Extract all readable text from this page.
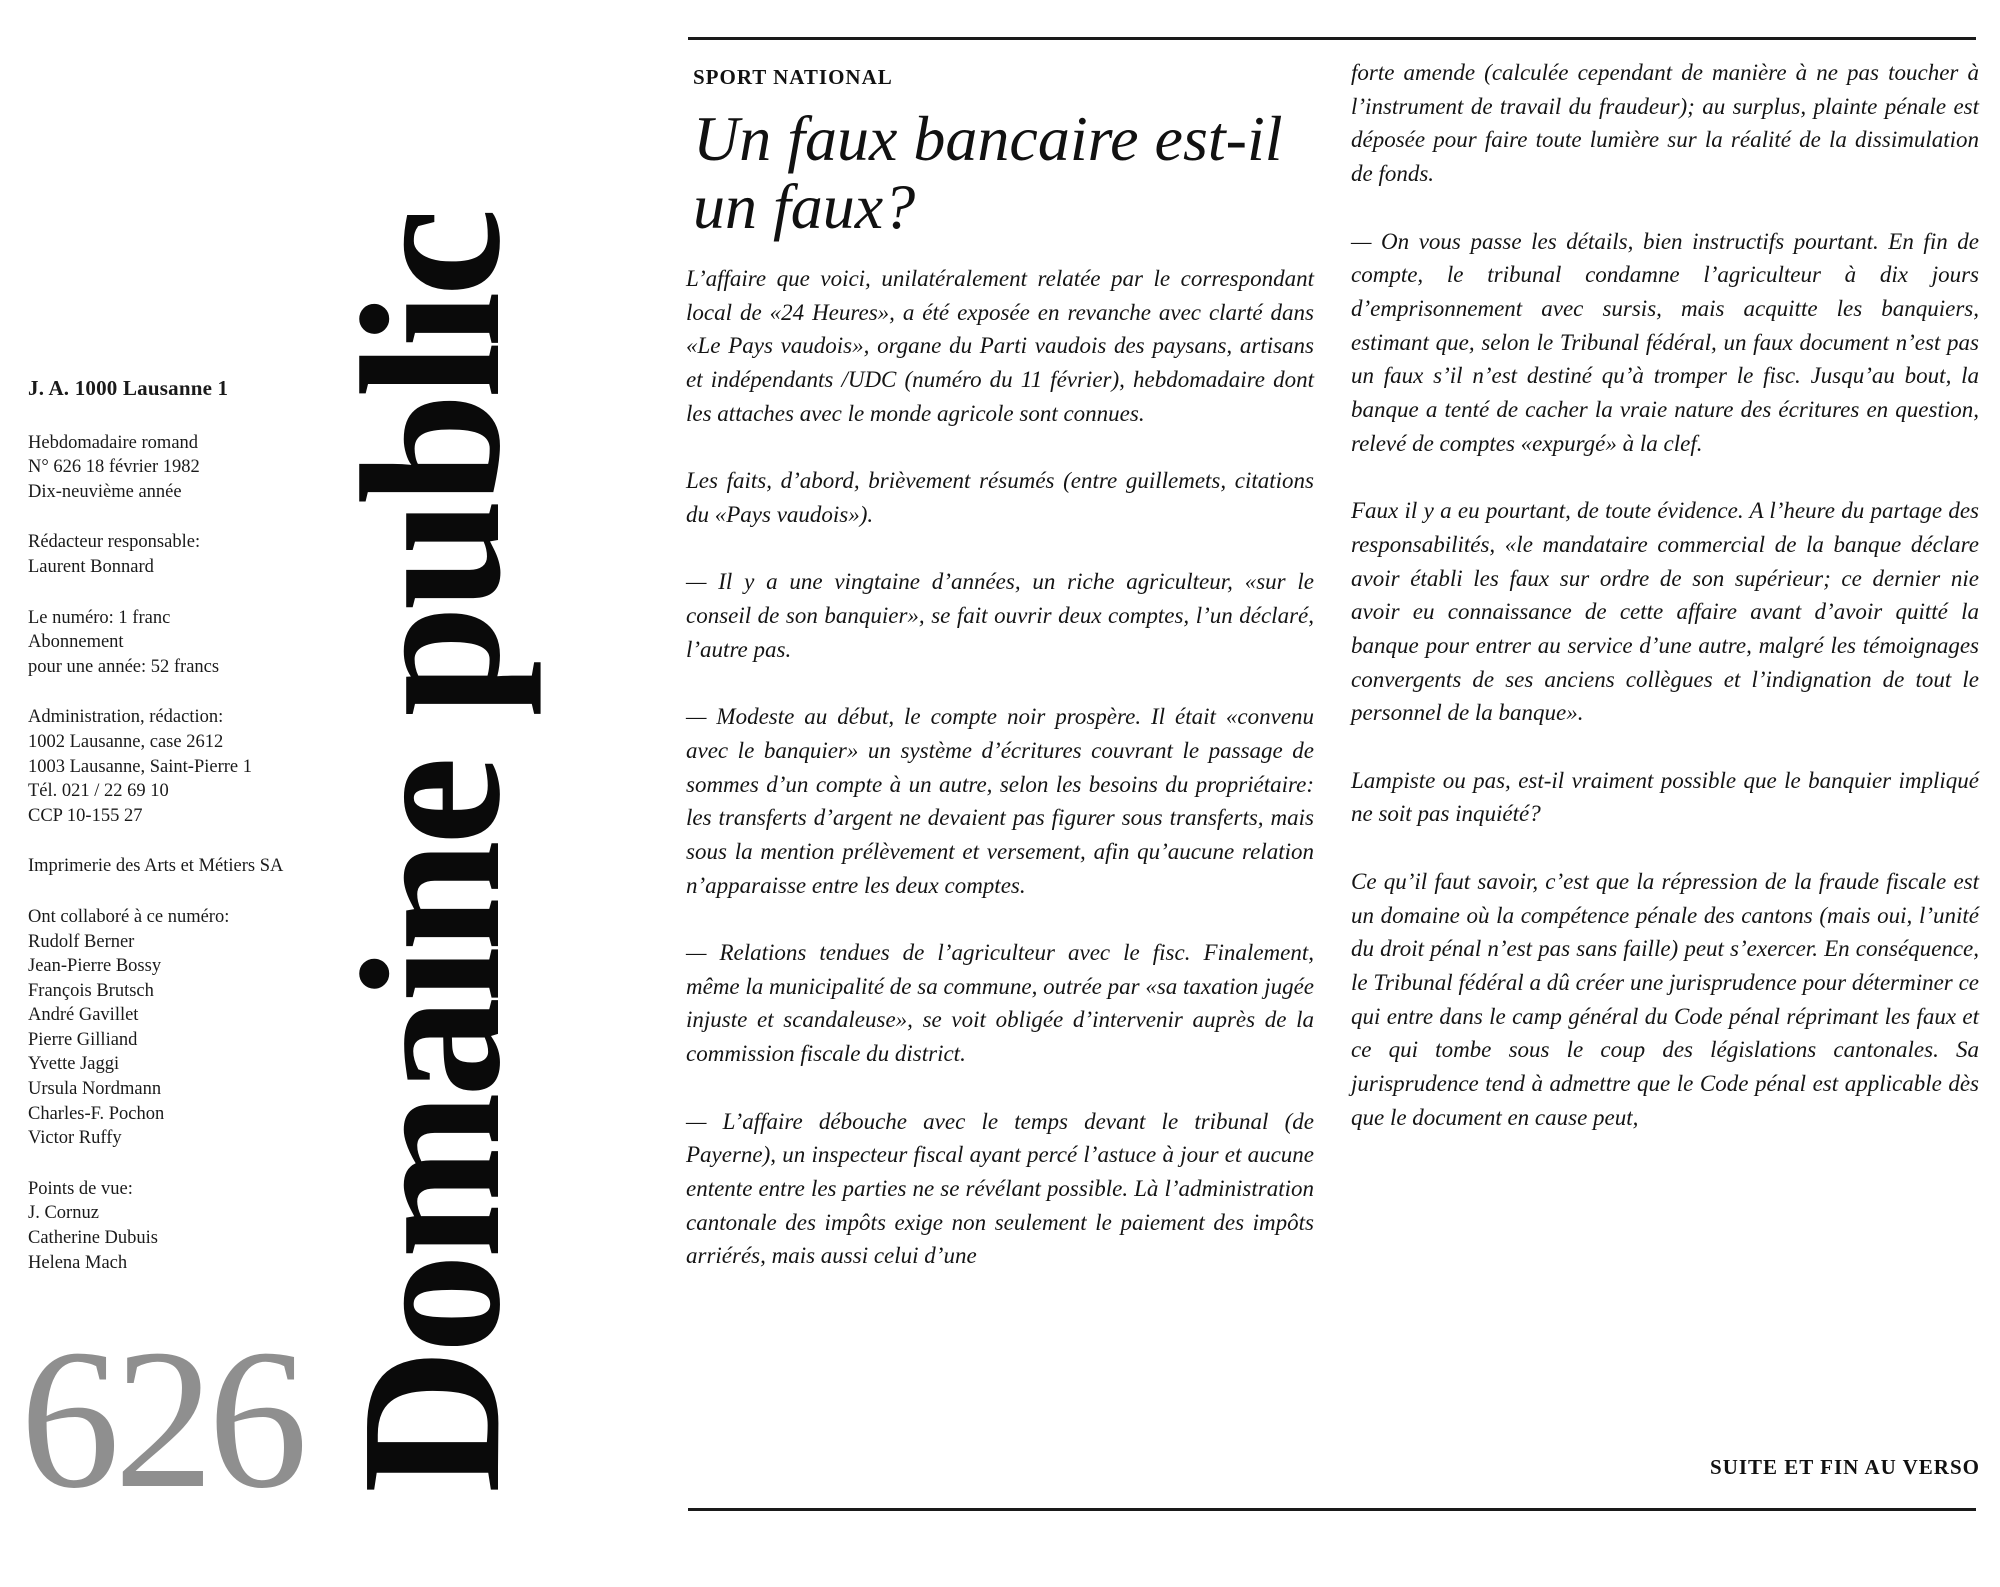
J. A. 1000 Lausanne 1
Hebdomadaire romand
N° 626 18 février 1982
Dix-neuvième année
Rédacteur responsable:
Laurent Bonnard
Le numéro: 1 franc
Abonnement
pour une année: 52 francs
Administration, rédaction:
1002 Lausanne, case 2612
1003 Lausanne, Saint-Pierre 1
Tél. 021 / 22 69 10
CCP 10-155 27
Imprimerie des Arts et Métiers SA
Ont collaboré à ce numéro:
Rudolf Berner
Jean-Pierre Bossy
François Brutsch
André Gavillet
Pierre Gilliand
Yvette Jaggi
Ursula Nordmann
Charles-F. Pochon
Victor Ruffy
Points de vue:
J. Cornuz
Catherine Dubuis
Helena Mach
626 Domaine public
SPORT NATIONAL
Un faux bancaire est-il un faux?

L’affaire que voici, unilatéralement relatée par le correspondant local de «24 Heures», a été exposée en revanche avec clarté dans «Le Pays vaudois», organe du Parti vaudois des paysans, artisans et indépendants /UDC (numéro du 11 février), hebdomadaire dont les attaches avec le monde agricole sont connues.

Les faits, d’abord, brièvement résumés (entre guillemets, citations du «Pays vaudois»).

— Il y a une vingtaine d’années, un riche agriculteur, «sur le conseil de son banquier», se fait ouvrir deux comptes, l’un déclaré, l’autre pas.

— Modeste au début, le compte noir prospère. Il était «convenu avec le banquier» un système d’écritures couvrant le passage de sommes d’un compte à un autre, selon les besoins du propriétaire: les transferts d’argent ne devaient pas figurer sous transferts, mais sous la mention prélèvement et versement, afin qu’aucune relation n’apparaisse entre les deux comptes.

— Relations tendues de l’agriculteur avec le fisc. Finalement, même la municipalité de sa commune, outrée par «sa taxation jugée injuste et scandaleuse», se voit obligée d’intervenir auprès de la commission fiscale du district.

— L’affaire débouche avec le temps devant le tribunal (de Payerne), un inspecteur fiscal ayant percé l’astuce à jour et aucune entente entre les parties ne se révélant possible. Là l’administration cantonale des impôts exige non seulement le paiement des impôts arriérés, mais aussi celui d’une

forte amende (calculée cependant de manière à ne pas toucher à l’instrument de travail du fraudeur); au surplus, plainte pénale est déposée pour faire toute lumière sur la réalité de la dissimulation de fonds.

— On vous passe les détails, bien instructifs pourtant. En fin de compte, le tribunal condamne l’agriculteur à dix jours d’emprisonnement avec sursis, mais acquitte les banquiers, estimant que, selon le Tribunal fédéral, un faux document n’est pas un faux s’il n’est destiné qu’à tromper le fisc. Jusqu’au bout, la banque a tenté de cacher la vraie nature des écritures en question, relevé de comptes «expurgé» à la clef.

Faux il y a eu pourtant, de toute évidence. A l’heure du partage des responsabilités, «le mandataire commercial de la banque déclare avoir établi les faux sur ordre de son supérieur; ce dernier nie avoir eu connaissance de cette affaire avant d’avoir quitté la banque pour entrer au service d’une autre, malgré les témoignages convergents de ses anciens collègues et l’indignation de tout le personnel de la banque».

Lampiste ou pas, est-il vraiment possible que le banquier impliqué ne soit pas inquiété?

Ce qu’il faut savoir, c’est que la répression de la fraude fiscale est un domaine où la compétence pénale des cantons (mais oui, l’unité du droit pénal n’est pas sans faille) peut s’exercer. En conséquence, le Tribunal fédéral a dû créer une jurisprudence pour déterminer ce qui entre dans le camp général du Code pénal réprimant les faux et ce qui tombe sous le coup des législations cantonales. Sa jurisprudence tend à admettre que le Code pénal est applicable dès que le document en cause peut,

SUITE ET FIN AU VERSO
